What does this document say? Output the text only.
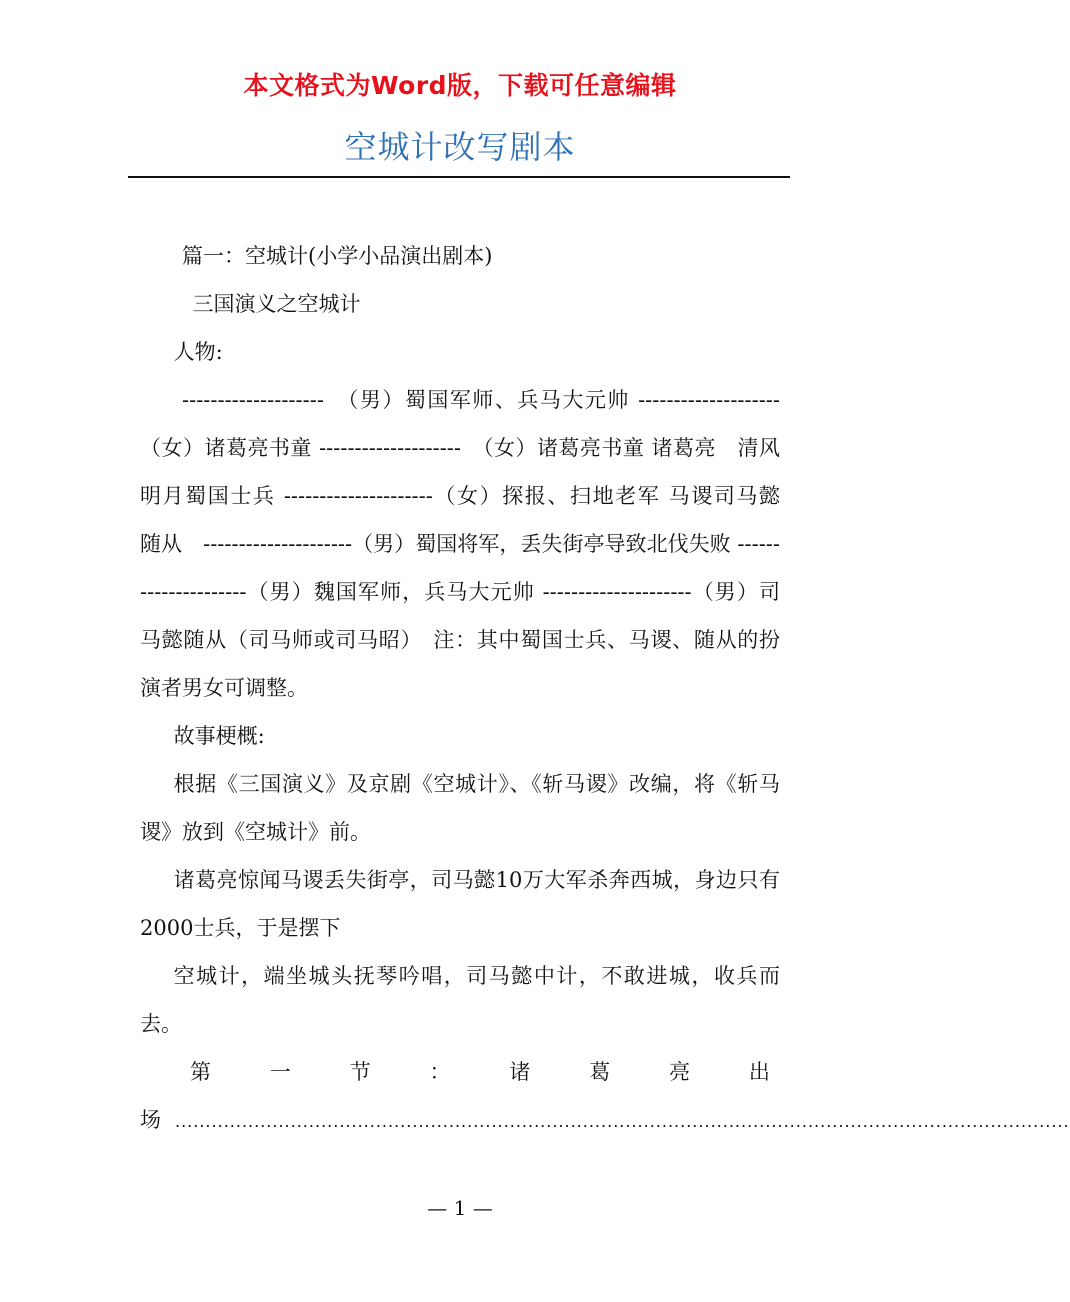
本文格式为Word版，下载可任意编辑
空城计改写剧本

篇一：空城计(小学小品演出剧本)

三国演义之空城计

人物:

--------------------　（男）蜀国军师、兵马大元帅 --------------------　（女）诸葛亮书童 --------------------　（女）诸葛亮书童 诸葛亮　清风　明月蜀国士兵 ---------------------（女）探报、扫地老军 马谡司马懿　随从　---------------------（男）蜀国将军，丢失街亭导致北伐失败 ---------------------（男）魏国军师，兵马大元帅 ---------------------（男）司马懿随从（司马师或司马昭）　注：其中蜀国士兵、马谡、随从的扮演者男女可调整。

故事梗概:

根据《三国演义》及京剧《空城计》、《斩马谡》改编，将《斩马谡》放到《空城计》前。

诸葛亮惊闻马谡丢失街亭，司马懿10万大军杀奔西城，身边只有2000士兵，于是摆下

空城计，端坐城头抚琴吟唱，司马懿中计，不敢进城，收兵而去。

第	一	节	：	诸	葛	亮	出

场 ...................................................................................................................................................

— 1 —
